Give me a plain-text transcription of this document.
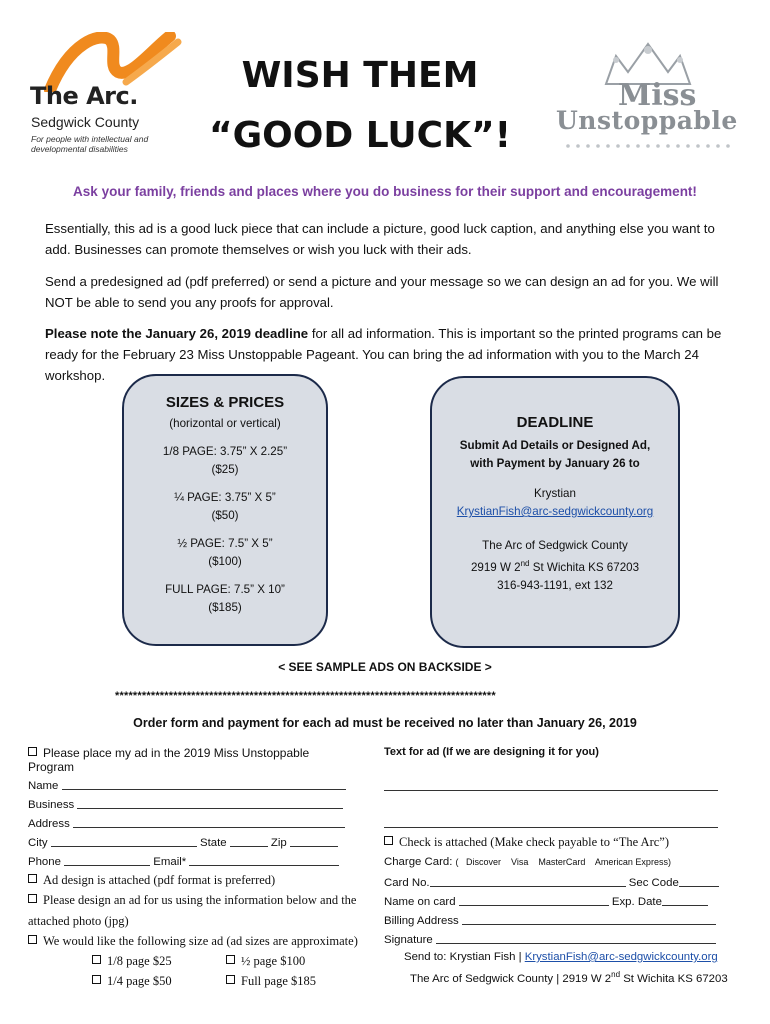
The Arc.
Sedgwick County
For people with intellectual and developmental disabilities
WISH THEM
“GOOD LUCK”!
Miss
Unstoppable
Ask your family, friends and places where you do business for their support and encouragement!
Essentially, this ad is a good luck piece that can include a picture, good luck caption, and anything else you want to add. Businesses can promote themselves or wish you luck with their ads.
Send a predesigned ad (pdf preferred) or send a picture and your message so we can design an ad for you. We will NOT be able to send you any proofs for approval.
Please note the January 26, 2019 deadline for all ad information. This is important so the printed programs can be ready for the February 23 Miss Unstoppable Pageant. You can bring the ad information with you to the March 24 workshop.
SIZES & PRICES
(horizontal or vertical)
1/8 PAGE: 3.75” X 2.25”
($25)
¼ PAGE: 3.75” X 5”
($50)
½ PAGE: 7.5” X 5”
($100)
FULL PAGE: 7.5” X 10”
($185)
DEADLINE
Submit Ad Details or Designed Ad,
with Payment by January 26 to
Krystian
KrystianFish@arc-sedgwickcounty.org
The Arc of Sedgwick County
2919 W 2nd St Wichita KS 67203
316-943-1191, ext 132
< SEE SAMPLE ADS ON BACKSIDE >
*************************************************************************************
Order form and payment for each ad must be received no later than January 26, 2019
Please place my ad in the 2019 Miss Unstoppable Program
Name
Business
Address
City	State	Zip
Phone	Email*
Ad design is attached (pdf format is preferred)
Please design an ad for us using the information below and the
attached photo (jpg)
We would like the following size ad (ad sizes are approximate)
1/8 page $25	½ page $100
1/4 page $50	Full page $185
Text for ad (If we are designing it for you)
Check is attached (Make check payable to “The Arc”)
Charge Card: (   Discover    Visa    MasterCard    American Express)
Card No.	Sec Code
Name on card	Exp. Date
Billing Address
Signature
Send to: Krystian Fish | KrystianFish@arc-sedgwickcounty.org
The Arc of Sedgwick County | 2919 W 2nd St Wichita KS 67203
